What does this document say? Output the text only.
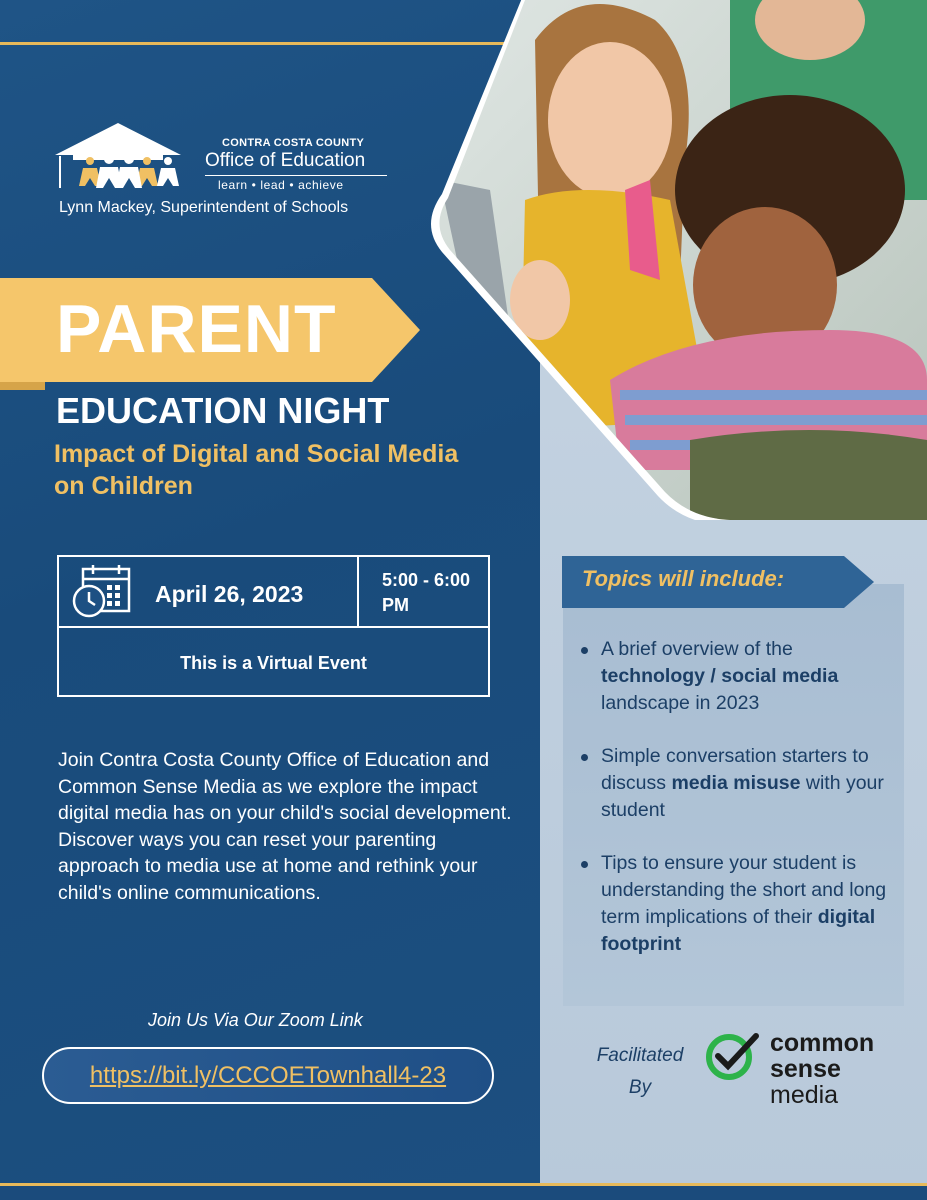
CONTRA COSTA COUNTY
Office of Education
learn • lead • achieve
Lynn Mackey, Superintendent of Schools
PARENT
EDUCATION NIGHT
Impact of Digital and Social Media on Children
April 26, 2023
5:00 - 6:00 PM
This is a Virtual Event
Join Contra Costa County Office of Education and Common Sense Media as we explore the impact digital media has on your child's social development. Discover ways you can reset your parenting approach to media use at home and rethink your child's online communications.
Join Us Via Our Zoom Link
https://bit.ly/CCCOETownhall4-23
Topics will include:
A brief overview of the technology / social media landscape in 2023
Simple conversation starters to discuss media misuse with your student
Tips to ensure your student is understanding the short and long term implications of their digital footprint
Facilitated By
common
sense
media
